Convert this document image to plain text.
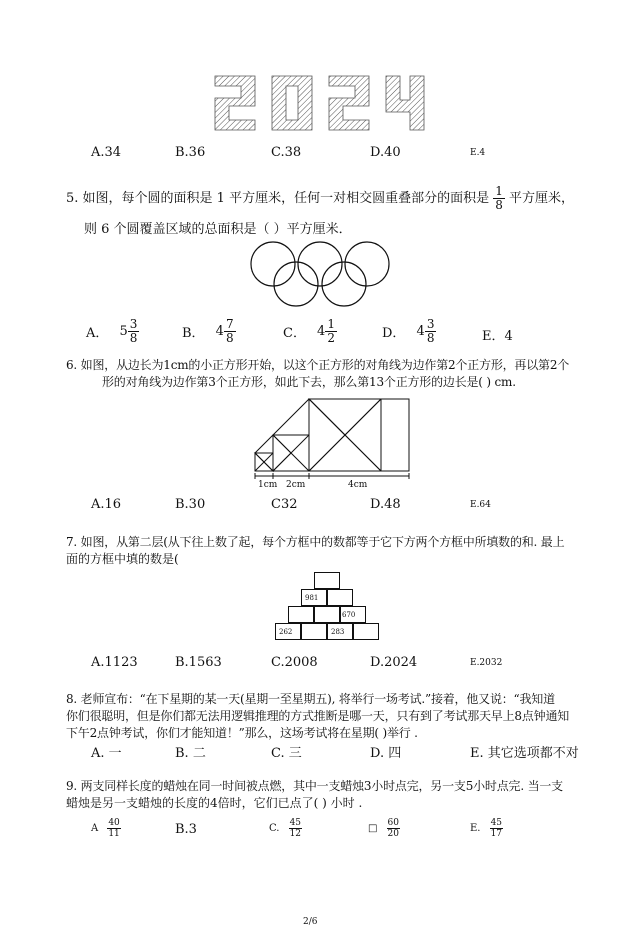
A.34	B.36	C.38	D.40	E.4
5. 如图，每个圆的面积是 1 平方厘米，任何一对相交圆重叠部分的面积是 $\frac{1}{8}$ 平方厘米，
则 6 个圆覆盖区域的总面积是（ ）平方厘米．
A． $5 \frac{3}{8}$	B． $4 \frac{7}{8}$	C． $4 \frac{1}{2}$	D． $4 \frac{3}{8}$	E．4
6. 如图，从边长为1cm的小正方形开始，以这个正方形的对角线为边作第2个正方形，再以第2个
形的对角线为边作第3个正方形，如此下去，那么第13个正方形的边长是( ) cm.
1cm 2cm	4cm
A.16	B.30	C32	D.48	E.64
7. 如图，从第二层(从下往上数了起，每个方框中的数都等于它下方两个方框中所填数的和. 最上
面的方框中填的数是(
981
670
262	283
A.1123	B.1563	C.2008	D.2024	E.2032
8. 老师宣布：“在下星期的某一天(星期一至星期五), 将举行一场考试.”接着，他又说：“我知道
你们很聪明，但是你们都无法用逻辑推理的方式推断是哪一天，只有到了考试那天早上8点钟通知
下午2点钟考试，你们才能知道！”那么，这场考试将在星期( )举行 .
A. 一	B. 二	C. 三	D. 四	E. 其它选项都不对
9. 两支同样长度的蜡烛在同一时间被点燃，其中一支蜡烛3小时点完，另一支5小时点完. 当一支
蜡烛是另一支蜡烛的长度的4倍时，它们已点了( ) 小时 .
A $\frac{40}{11}$	B.3	C. $\frac{45}{12}$	□ $\frac{60}{20}$	E. $\frac{45}{17}$
2/6
